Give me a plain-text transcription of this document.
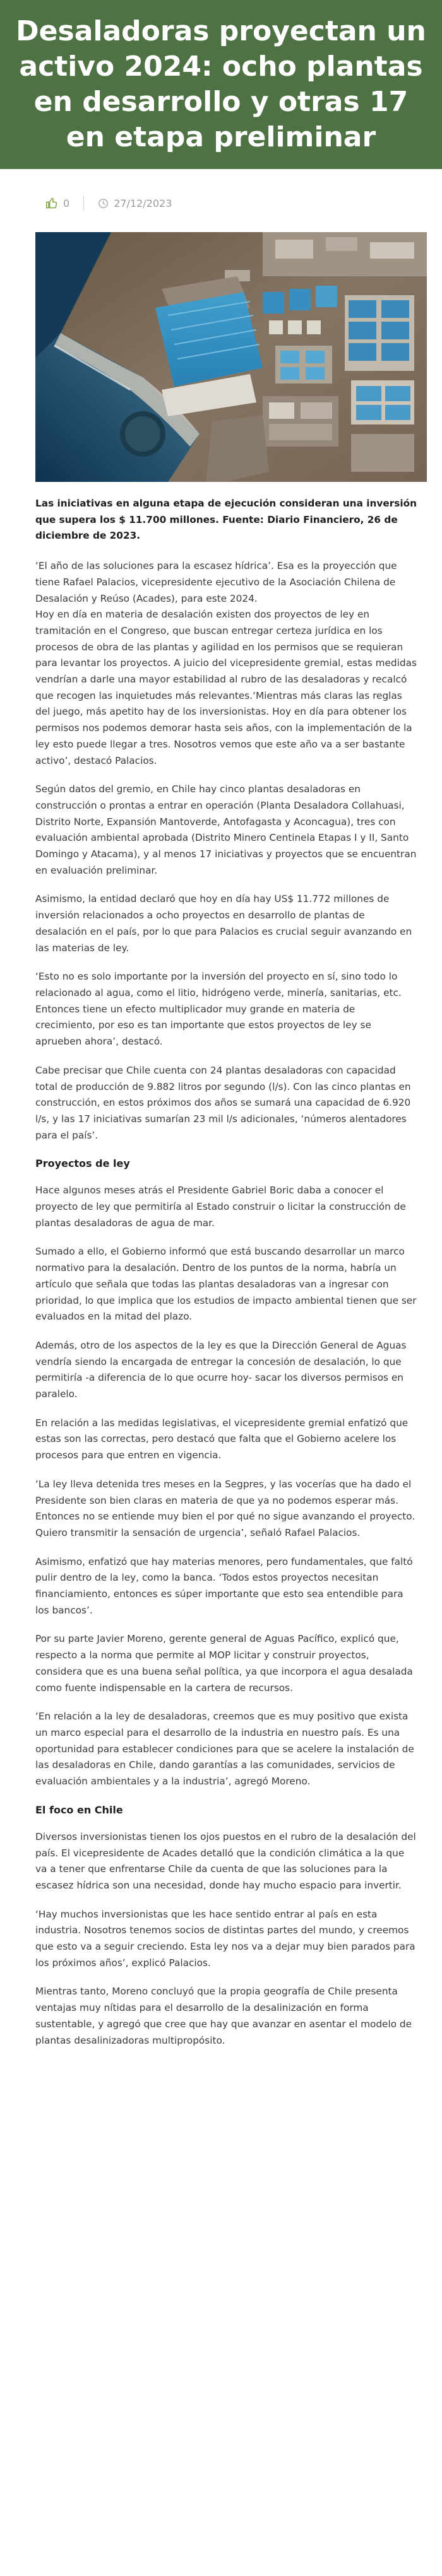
Desaladoras proyectan un activo 2024: ocho plantas en desarrollo y otras 17 en etapa preliminar
0	27/12/2023

Las iniciativas en alguna etapa de ejecución consideran una inversión que supera los $ 11.700 millones. Fuente: Diario Financiero, 26 de diciembre de 2023.

‘El año de las soluciones para la escasez hídrica’. Esa es la proyección que tiene Rafael Palacios, vicepresidente ejecutivo de la Asociación Chilena de Desalación y Reúso (Acades), para este 2024.

Hoy en día en materia de desalación existen dos proyectos de ley en tramitación en el Congreso, que buscan entregar certeza jurídica en los procesos de obra de las plantas y agilidad en los permisos que se requieran para levantar los proyectos. A juicio del vicepresidente gremial, estas medidas vendrían a darle una mayor estabilidad al rubro de las desaladoras y recalcó que recogen las inquietudes más relevantes.‘Mientras más claras las reglas del juego, más apetito hay de los inversionistas. Hoy en día para obtener los permisos nos podemos demorar hasta seis años, con la implementación de la ley esto puede llegar a tres. Nosotros vemos que este año va a ser bastante activo’, destacó Palacios.

Según datos del gremio, en Chile hay cinco plantas desaladoras en construcción o prontas a entrar en operación (Planta Desaladora Collahuasi, Distrito Norte, Expansión Mantoverde, Antofagasta y Aconcagua), tres con evaluación ambiental aprobada (Distrito Minero Centinela Etapas I y II, Santo Domingo y Atacama), y al menos 17 iniciativas y proyectos que se encuentran en evaluación preliminar.

Asimismo, la entidad declaró que hoy en día hay US$ 11.772 millones de inversión relacionados a ocho proyectos en desarrollo de plantas de desalación en el país, por lo que para Palacios es crucial seguir avanzando en las materias de ley.

‘Esto no es solo importante por la inversión del proyecto en sí, sino todo lo relacionado al agua, como el litio, hidrógeno verde, minería, sanitarias, etc. Entonces tiene un efecto multiplicador muy grande en materia de crecimiento, por eso es tan importante que estos proyectos de ley se aprueben ahora’, destacó.

Cabe precisar que Chile cuenta con 24 plantas desaladoras con capacidad total de producción de 9.882 litros por segundo (l/s). Con las cinco plantas en construcción, en estos próximos dos años se sumará una capacidad de 6.920 l/s, y las 17 iniciativas sumarían 23 mil l/s adicionales, ‘números alentadores para el país’.

Proyectos de ley

Hace algunos meses atrás el Presidente Gabriel Boric daba a conocer el proyecto de ley que permitiría al Estado construir o licitar la construcción de plantas desaladoras de agua de mar.

Sumado a ello, el Gobierno informó que está buscando desarrollar un marco normativo para la desalación. Dentro de los puntos de la norma, habría un artículo que señala que todas las plantas desaladoras van a ingresar con prioridad, lo que implica que los estudios de impacto ambiental tienen que ser evaluados en la mitad del plazo.

Además, otro de los aspectos de la ley es que la Dirección General de Aguas vendría siendo la encargada de entregar la concesión de desalación, lo que permitiría -a diferencia de lo que ocurre hoy- sacar los diversos permisos en paralelo.

En relación a las medidas legislativas, el vicepresidente gremial enfatizó que estas son las correctas, pero destacó que falta que el Gobierno acelere los procesos para que entren en vigencia.

‘La ley lleva detenida tres meses en la Segpres, y las vocerías que ha dado el Presidente son bien claras en materia de que ya no podemos esperar más. Entonces no se entiende muy bien el por qué no sigue avanzando el proyecto. Quiero transmitir la sensación de urgencia’, señaló Rafael Palacios.

Asimismo, enfatizó que hay materias menores, pero fundamentales, que faltó pulir dentro de la ley, como la banca. ‘Todos estos proyectos necesitan financiamiento, entonces es súper importante que esto sea entendible para los bancos’.

Por su parte Javier Moreno, gerente general de Aguas Pacífico, explicó que, respecto a la norma que permite al MOP licitar y construir proyectos, considera que es una buena señal política, ya que incorpora el agua desalada como fuente indispensable en la cartera de recursos.

‘En relación a la ley de desaladoras, creemos que es muy positivo que exista un marco especial para el desarrollo de la industria en nuestro país. Es una oportunidad para establecer condiciones para que se acelere la instalación de las desaladoras en Chile, dando garantías a las comunidades, servicios de evaluación ambientales y a la industria’, agregó Moreno.

El foco en Chile

Diversos inversionistas tienen los ojos puestos en el rubro de la desalación del país. El vicepresidente de Acades detalló que la condición climática a la que va a tener que enfrentarse Chile da cuenta de que las soluciones para la escasez hídrica son una necesidad, donde hay mucho espacio para invertir.

‘Hay muchos inversionistas que les hace sentido entrar al país en esta industria. Nosotros tenemos socios de distintas partes del mundo, y creemos que esto va a seguir creciendo. Esta ley nos va a dejar muy bien parados para los próximos años’, explicó Palacios.

Mientras tanto, Moreno concluyó que la propia geografía de Chile presenta ventajas muy nítidas para el desarrollo de la desalinización en forma sustentable, y agregó que cree que hay que avanzar en asentar el modelo de plantas desalinizadoras multipropósito.
